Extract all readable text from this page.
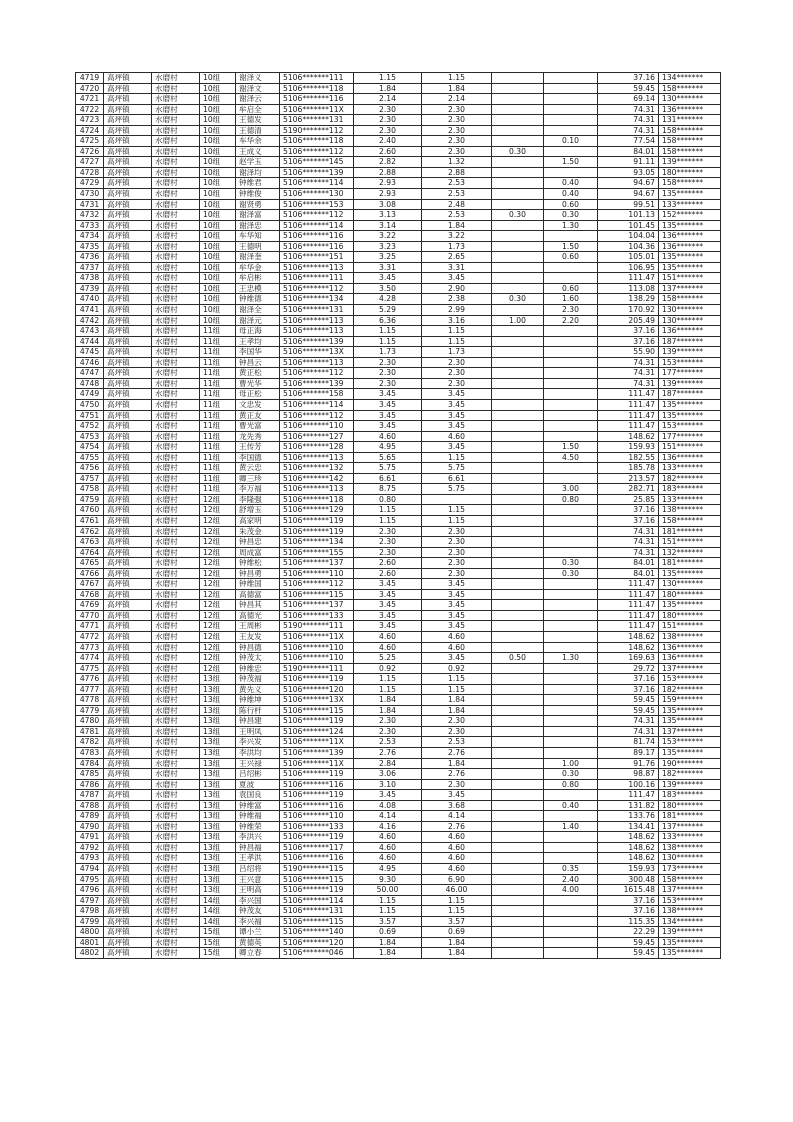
4719	高坪镇	水磨村	10组	谢泽义	5106*******111	1.15	1.15			37.16	134*******
4720	高坪镇	水磨村	10组	谢泽文	5106*******118	1.84	1.84			59.45	158*******
4721	高坪镇	水磨村	10组	谢泽云	5106*******116	2.14	2.14			69.14	130*******
4722	高坪镇	水磨村	10组	牟启全	5106*******11X	2.30	2.30			74.31	136*******
4723	高坪镇	水磨村	10组	王德发	5106*******131	2.30	2.30			74.31	131*******
4724	高坪镇	水磨村	10组	王德清	5190*******112	2.30	2.30			74.31	158*******
4725	高坪镇	水磨村	10组	车华余	5106*******118	2.40	2.30		0.10	77.54	158*******
4726	高坪镇	水磨村	10组	王成义	5106*******112	2.60	2.30	0.30		84.01	158*******
4727	高坪镇	水磨村	10组	赵学玉	5106*******145	2.82	1.32		1.50	91.11	139*******
4728	高坪镇	水磨村	10组	谢泽均	5106*******139	2.88	2.88			93.05	180*******
4729	高坪镇	水磨村	10组	钟维君	5106*******114	2.93	2.53		0.40	94.67	158*******
4730	高坪镇	水磨村	10组	钟维俊	5106*******130	2.93	2.53		0.40	94.67	135*******
4731	高坪镇	水磨村	10组	谢贤勇	5106*******153	3.08	2.48		0.60	99.51	133*******
4732	高坪镇	水磨村	10组	谢泽富	5106*******112	3.13	2.53	0.30	0.30	101.13	152*******
4733	高坪镇	水磨村	10组	谢泽忠	5106*******114	3.14	1.84		1.30	101.45	135*******
4734	高坪镇	水磨村	10组	车华知	5106*******116	3.22	3.22			104.04	136*******
4735	高坪镇	水磨村	10组	王德明	5106*******116	3.23	1.73		1.50	104.36	136*******
4736	高坪镇	水磨村	10组	谢泽奎	5106*******151	3.25	2.65		0.60	105.01	135*******
4737	高坪镇	水磨村	10组	牟华金	5106*******113	3.31	3.31			106.95	135*******
4738	高坪镇	水磨村	10组	牟启彬	5106*******111	3.45	3.45			111.47	151*******
4739	高坪镇	水磨村	10组	王忠模	5106*******112	3.50	2.90		0.60	113.08	137*******
4740	高坪镇	水磨村	10组	钟维德	5106*******134	4.28	2.38	0.30	1.60	138.29	158*******
4741	高坪镇	水磨村	10组	谢泽全	5106*******131	5.29	2.99		2.30	170.92	130*******
4742	高坪镇	水磨村	10组	谢泽元	5106*******113	6.36	3.16	1.00	2.20	205.49	130*******
4743	高坪镇	水磨村	11组	母正海	5106*******113	1.15	1.15			37.16	136*******
4744	高坪镇	水磨村	11组	王孝均	5106*******139	1.15	1.15			37.16	187*******
4745	高坪镇	水磨村	11组	李国华	5106*******13X	1.73	1.73			55.90	139*******
4746	高坪镇	水磨村	11组	钟昌云	5106*******113	2.30	2.30			74.31	153*******
4747	高坪镇	水磨村	11组	黄正松	5106*******112	2.30	2.30			74.31	177*******
4748	高坪镇	水磨村	11组	曹光华	5106*******139	2.30	2.30			74.31	139*******
4749	高坪镇	水磨村	11组	母正松	5106*******158	3.45	3.45			111.47	187*******
4750	高坪镇	水磨村	11组	文忠发	5106*******114	3.45	3.45			111.47	135*******
4751	高坪镇	水磨村	11组	黄正友	5106*******112	3.45	3.45			111.47	135*******
4752	高坪镇	水磨村	11组	曹光富	5106*******110	3.45	3.45			111.47	153*******
4753	高坪镇	水磨村	11组	龙先秀	5106*******127	4.60	4.60			148.62	177*******
4754	高坪镇	水磨村	11组	王传芳	5106*******128	4.95	3.45		1.50	159.93	151*******
4755	高坪镇	水磨村	11组	李国德	5106*******113	5.65	1.15		4.50	182.55	136*******
4756	高坪镇	水磨村	11组	黄云忠	5106*******132	5.75	5.75			185.78	133*******
4757	高坪镇	水磨村	11组	卿三珍	5106*******142	6.61	6.61			213.57	182*******
4758	高坪镇	水磨村	11组	李万福	5106*******113	8.75	5.75		3.00	282.71	183*******
4759	高坪镇	水磨村	12组	李隆强	5106*******118	0.80			0.80	25.85	133*******
4760	高坪镇	水磨村	12组	舒增玉	5106*******129	1.15	1.15			37.16	138*******
4761	高坪镇	水磨村	12组	高家明	5106*******119	1.15	1.15			37.16	158*******
4762	高坪镇	水磨村	12组	朱茂金	5106*******119	2.30	2.30			74.31	181*******
4763	高坪镇	水磨村	12组	钟昌忠	5106*******134	2.30	2.30			74.31	151*******
4764	高坪镇	水磨村	12组	周成富	5106*******155	2.30	2.30			74.31	132*******
4765	高坪镇	水磨村	12组	钟维松	5106*******137	2.60	2.30		0.30	84.01	181*******
4766	高坪镇	水磨村	12组	钟昌勇	5106*******110	2.60	2.30		0.30	84.01	135*******
4767	高坪镇	水磨村	12组	钟维国	5106*******112	3.45	3.45			111.47	130*******
4768	高坪镇	水磨村	12组	高德富	5106*******115	3.45	3.45			111.47	180*******
4769	高坪镇	水磨村	12组	钟昌其	5106*******137	3.45	3.45			111.47	135*******
4770	高坪镇	水磨村	12组	高德光	5106*******133	3.45	3.45			111.47	180*******
4771	高坪镇	水磨村	12组	王周彬	5190*******111	3.45	3.45			111.47	151*******
4772	高坪镇	水磨村	12组	王友发	5106*******11X	4.60	4.60			148.62	138*******
4773	高坪镇	水磨村	12组	钟昌德	5106*******110	4.60	4.60			148.62	136*******
4774	高坪镇	水磨村	12组	钟茂太	5106*******110	5.25	3.45	0.50	1.30	169.63	136*******
4775	高坪镇	水磨村	12组	钟维忠	5190*******111	0.92	0.92			29.72	137*******
4776	高坪镇	水磨村	13组	钟茂福	5106*******119	1.15	1.15			37.16	153*******
4777	高坪镇	水磨村	13组	黄先义	5106*******120	1.15	1.15			37.16	182*******
4778	高坪镇	水磨村	13组	钟维坤	5106*******13X	1.84	1.84			59.45	159*******
4779	高坪镇	水磨村	13组	陈行杆	5106*******115	1.84	1.84			59.45	135*******
4780	高坪镇	水磨村	13组	钟昌建	5106*******119	2.30	2.30			74.31	135*******
4781	高坪镇	水磨村	13组	王明凤	5106*******124	2.30	2.30			74.31	137*******
4782	高坪镇	水磨村	13组	李兴发	5106*******11X	2.53	2.53			81.74	153*******
4783	高坪镇	水磨村	13组	李洪均	5106*******139	2.76	2.76			89.17	135*******
4784	高坪镇	水磨村	13组	王兴禄	5106*******11X	2.84	1.84		1.00	91.76	190*******
4785	高坪镇	水磨村	13组	吕绍彬	5106*******119	3.06	2.76		0.30	98.87	182*******
4786	高坪镇	水磨村	13组	夏波	5106*******116	3.10	2.30		0.80	100.16	139*******
4787	高坪镇	水磨村	13组	袁国良	5106*******119	3.45	3.45			111.47	183*******
4788	高坪镇	水磨村	13组	钟维富	5106*******116	4.08	3.68		0.40	131.82	180*******
4789	高坪镇	水磨村	13组	钟维福	5106*******110	4.14	4.14			133.76	181*******
4790	高坪镇	水磨村	13组	钟维荣	5106*******133	4.16	2.76		1.40	134.41	137*******
4791	高坪镇	水磨村	13组	李洪兴	5106*******119	4.60	4.60			148.62	133*******
4792	高坪镇	水磨村	13组	钟昌福	5106*******117	4.60	4.60			148.62	138*******
4793	高坪镇	水磨村	13组	王孝洪	5106*******116	4.60	4.60			148.62	130*******
4794	高坪镇	水磨村	13组	吕绍将	5190*******115	4.95	4.60		0.35	159.93	173*******
4795	高坪镇	水磨村	13组	王兴意	5106*******115	9.30	6.90		2.40	300.48	158*******
4796	高坪镇	水磨村	13组	王明高	5106*******119	50.00	46.00		4.00	1615.48	137*******
4797	高坪镇	水磨村	14组	李兴国	5106*******114	1.15	1.15			37.16	153*******
4798	高坪镇	水磨村	14组	钟茂友	5106*******131	1.15	1.15			37.16	138*******
4799	高坪镇	水磨村	14组	李兴福	5106*******115	3.57	3.57			115.35	134*******
4800	高坪镇	水磨村	15组	谭小兰	5106*******140	0.69	0.69			22.29	139*******
4801	高坪镇	水磨村	15组	黄德英	5106*******120	1.84	1.84			59.45	135*******
4802	高坪镇	水磨村	15组	卿立春	5106*******046	1.84	1.84			59.45	135*******
